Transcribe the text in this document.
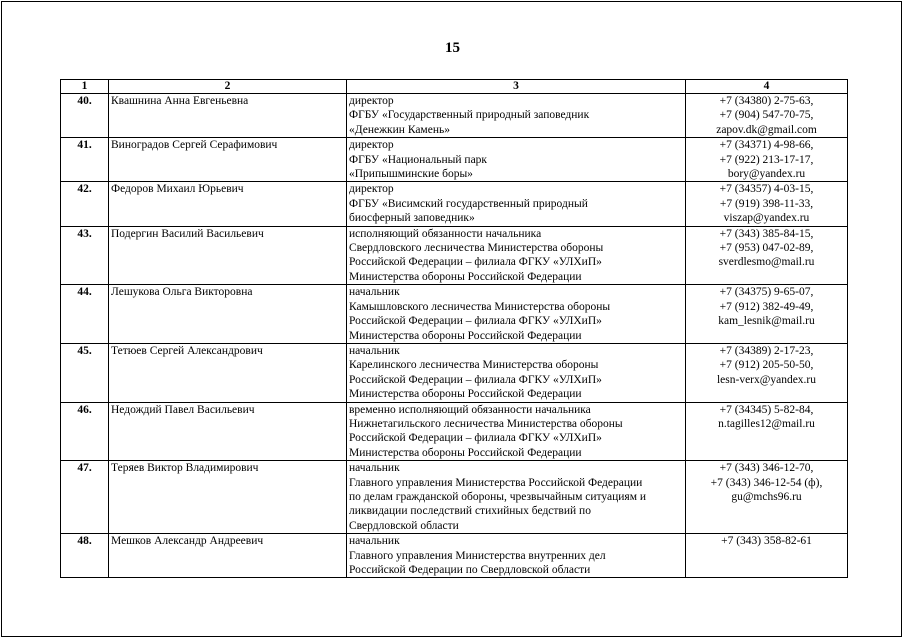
15
1	2	3	4
40.	Квашнина Анна Евгеньевна	директор
ФГБУ «Государственный природный заповедник
«Денежкин Камень»	+7 (34380) 2-75-63,
+7 (904) 547-70-75,
zapov.dk@gmail.com

41.	Виноградов Сергей Серафимович	директор
ФГБУ «Национальный парк
«Припышминские боры»	+7 (34371) 4-98-66,
+7 (922) 213-17-17,
bory@yandex.ru

42.	Федоров Михаил Юрьевич	директор
ФГБУ «Висимский государственный природный
биосферный заповедник»	+7 (34357) 4-03-15,
+7 (919) 398-11-33,
viszap@yandex.ru

43.	Подергин Василий Васильевич	исполняющий обязанности начальника
Свердловского лесничества Министерства обороны
Российской Федерации – филиала ФГКУ «УЛХиП»
Министерства обороны Российской Федерации	+7 (343) 385-84-15,
+7 (953) 047-02-89,
sverdlesmo@mail.ru

44.	Лешукова Ольга Викторовна	начальник
Камышловского лесничества Министерства обороны
Российской Федерации – филиала ФГКУ «УЛХиП»
Министерства обороны Российской Федерации	+7 (34375) 9-65-07,
+7 (912) 382-49-49,
kam_lesnik@mail.ru

45.	Тетюев Сергей Александрович	начальник
Карелинского лесничества Министерства обороны
Российской Федерации – филиала ФГКУ «УЛХиП»
Министерства обороны Российской Федерации	+7 (34389) 2-17-23,
+7 (912) 205-50-50,
lesn-verx@yandex.ru

46.	Недождий Павел Васильевич	временно исполняющий обязанности начальника
Нижнетагильского лесничества Министерства обороны
Российской Федерации – филиала ФГКУ «УЛХиП»
Министерства обороны Российской Федерации	+7 (34345) 5-82-84,
n.tagilles12@mail.ru

47.	Теряев Виктор Владимирович	начальник
Главного управления Министерства Российской Федерации
по делам гражданской обороны, чрезвычайным ситуациям и
ликвидации последствий стихийных бедствий по
Свердловской области	+7 (343) 346-12-70,
+7 (343) 346-12-54 (ф),
gu@mchs96.ru

48.	Мешков Александр Андреевич	начальник
Главного управления Министерства внутренних дел
Российской Федерации по Свердловской области	+7 (343) 358-82-61
